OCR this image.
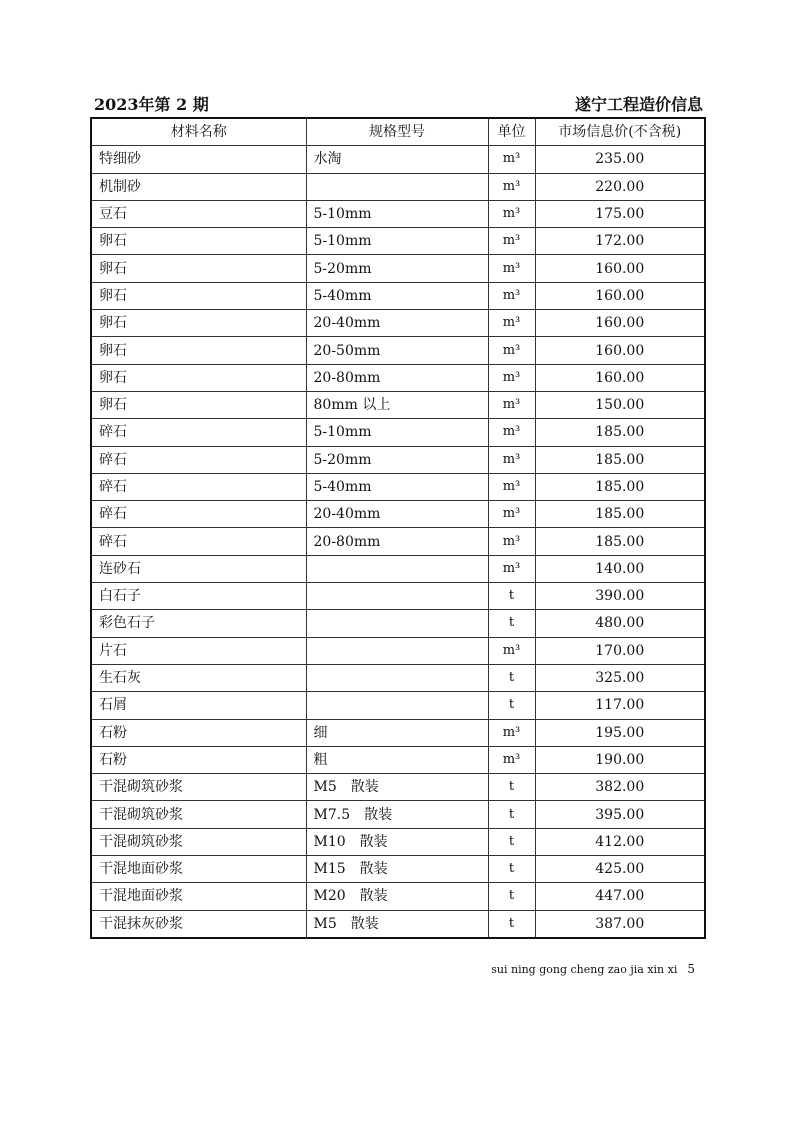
2023年第 2 期	遂宁工程造价信息
材料名称	规格型号	单位	市场信息价(不含税)
特细砂	水淘	m³	235.00
机制砂		m³	220.00
豆石	5-10mm	m³	175.00
卵石	5-10mm	m³	172.00
卵石	5-20mm	m³	160.00
卵石	5-40mm	m³	160.00
卵石	20-40mm	m³	160.00
卵石	20-50mm	m³	160.00
卵石	20-80mm	m³	160.00
卵石	80mm 以上	m³	150.00
碎石	5-10mm	m³	185.00
碎石	5-20mm	m³	185.00
碎石	5-40mm	m³	185.00
碎石	20-40mm	m³	185.00
碎石	20-80mm	m³	185.00
连砂石		m³	140.00
白石子		t	390.00
彩色石子		t	480.00
片石		m³	170.00
生石灰		t	325.00
石屑		t	117.00
石粉	细	m³	195.00
石粉	粗	m³	190.00
干混砌筑砂浆	M5　散装	t	382.00
干混砌筑砂浆	M7.5　散装	t	395.00
干混砌筑砂浆	M10　散装	t	412.00
干混地面砂浆	M15　散装	t	425.00
干混地面砂浆	M20　散装	t	447.00
干混抹灰砂浆	M5　散装	t	387.00
sui ning gong cheng zao jia xin xi 5
